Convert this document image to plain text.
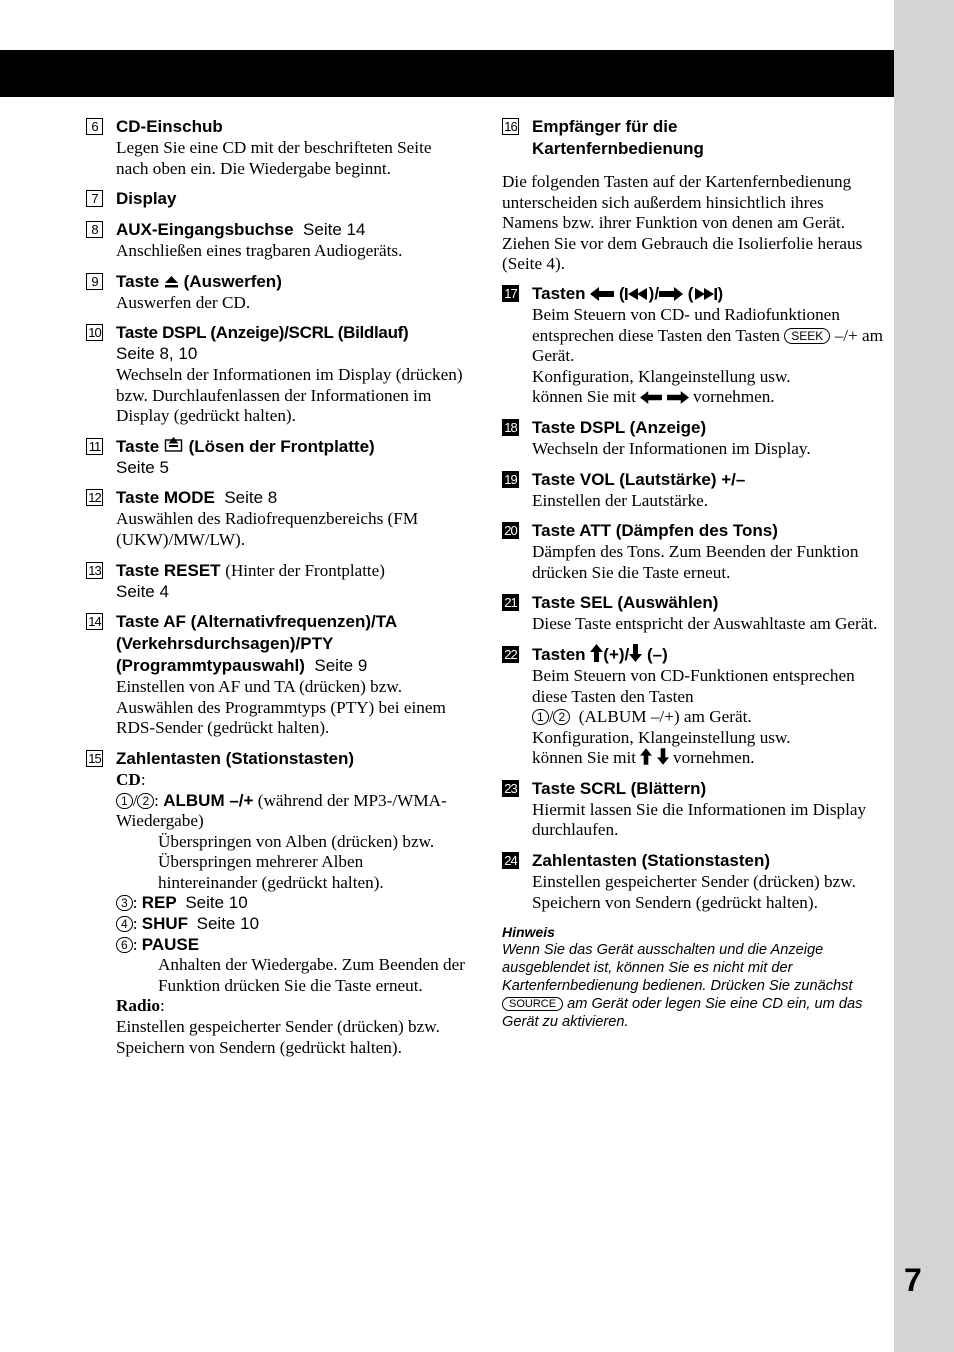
7
6	CD-Einschub
Legen Sie eine CD mit der beschrifteten Seite nach oben ein. Die Wiedergabe beginnt.
7	Display
8	AUX-Eingangsbuchse Seite 14
Anschließen eines tragbaren Audiogeräts.
9	Taste (Auswerfen)
Auswerfen der CD.
10 Taste DSPL (Anzeige)/SCRL (Bildlauf)
Seite 8, 10
Wechseln der Informationen im Display (drücken) bzw. Durchlaufenlassen der Informationen im Display (gedrückt halten).
11 Taste (Lösen der Frontplatte)
Seite 5
12 Taste MODE Seite 8
Auswählen des Radiofrequenzbereichs (FM (UKW)/MW/LW).
13 Taste RESET (Hinter der Frontplatte)
Seite 4
14 Taste AF (Alternativfrequenzen)/TA
(Verkehrsdurchsagen)/PTY
(Programmtypauswahl) Seite 9
Einstellen von AF und TA (drücken) bzw. Auswählen des Programmtyps (PTY) bei einem RDS-Sender (gedrückt halten).
15 Zahlentasten (Stationstasten)
CD:
1 / 2 : ALBUM –/+ (während der MP3-/WMA-Wiedergabe)
Überspringen von Alben (drücken) bzw. Überspringen mehrerer Alben hintereinander (gedrückt halten).
3 : REP Seite 10
4 : SHUF Seite 10
6 : PAUSE
Anhalten der Wiedergabe. Zum Beenden der Funktion drücken Sie die Taste erneut.
Radio:
Einstellen gespeicherter Sender (drücken) bzw. Speichern von Sendern (gedrückt halten).
16 Empfänger für die
Kartenfernbedienung
Die folgenden Tasten auf der Kartenfernbedienung unterscheiden sich außerdem hinsichtlich ihres Namens bzw. ihrer Funktion von denen am Gerät. Ziehen Sie vor dem Gebrauch die Isolierfolie heraus (Seite 4).
17 Tasten  ( )/ ( )
Beim Steuern von CD- und Radiofunktionen entsprechen diese Tasten den Tasten SEEK –/+ am Gerät.
Konfiguration, Klangeinstellung usw.
können Sie mit	vornehmen.
18 Taste DSPL (Anzeige)
Wechseln der Informationen im Display.
19 Taste VOL (Lautstärke) +/–
Einstellen der Lautstärke.
20 Taste ATT (Dämpfen des Tons)
Dämpfen des Tons. Zum Beenden der Funktion drücken Sie die Taste erneut.
21 Taste SEL (Auswählen)
Diese Taste entspricht der Auswahltaste am Gerät.
22 Tasten (+)/ (–)
Beim Steuern von CD-Funktionen entsprechen diese Tasten den Tasten
1 / 2 (ALBUM –/+) am Gerät.
Konfiguration, Klangeinstellung usw.
können Sie mit vornehmen.
23 Taste SCRL (Blättern)
Hiermit lassen Sie die Informationen im Display durchlaufen.
24 Zahlentasten (Stationstasten)
Einstellen gespeicherter Sender (drücken) bzw. Speichern von Sendern (gedrückt halten).
Hinweis
Wenn Sie das Gerät ausschalten und die Anzeige ausgeblendet ist, können Sie es nicht mit der Kartenfernbedienung bedienen. Drücken Sie zunächst SOURCE am Gerät oder legen Sie eine CD ein, um das Gerät zu aktivieren.
